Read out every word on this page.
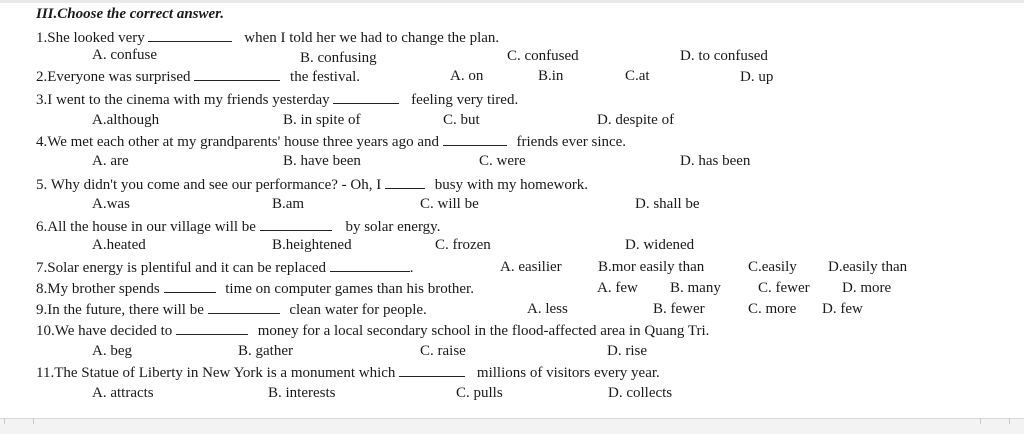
III.Choose the correct answer.
1.She looked very	when I told her we had to change the plan.
A. confuse	B. confusing	C. confused	D. to confused
2.Everyone was surprised	the festival.	A. on	B.in	C.at	D. up
3.I went to the cinema with my friends yesterday	feeling very tired.
A.although	B. in spite of	C. but	D. despite of
4.We met each other at my grandparents' house three years ago and	friends ever since.
A. are	B. have been	C. were	D. has been
5. Why didn't you come and see our performance? - Oh, I	busy with my homework.
A.was	B.am	C. will be	D. shall be
6.All the house in our village will be	by solar energy.
A.heated	B.heightened	C. frozen	D. widened
7.Solar energy is plentiful and it can be replaced	.	A. easilier B.mor easily than	C.easily D.easily than
8.My brother spends	time on computer games than his brother.	A. few B. many C. fewer D. more
9.In the future, there will be	clean water for people.	A. less	B. fewer	C. more D. few
10.We have decided to	money for a local secondary school in the flood-affected area in Quang Tri.
A. beg	B. gather	C. raise	D. rise
11.The Statue of Liberty in New York is a monument which	millions of visitors every year.
A. attracts	B. interests	C. pulls	D. collects
